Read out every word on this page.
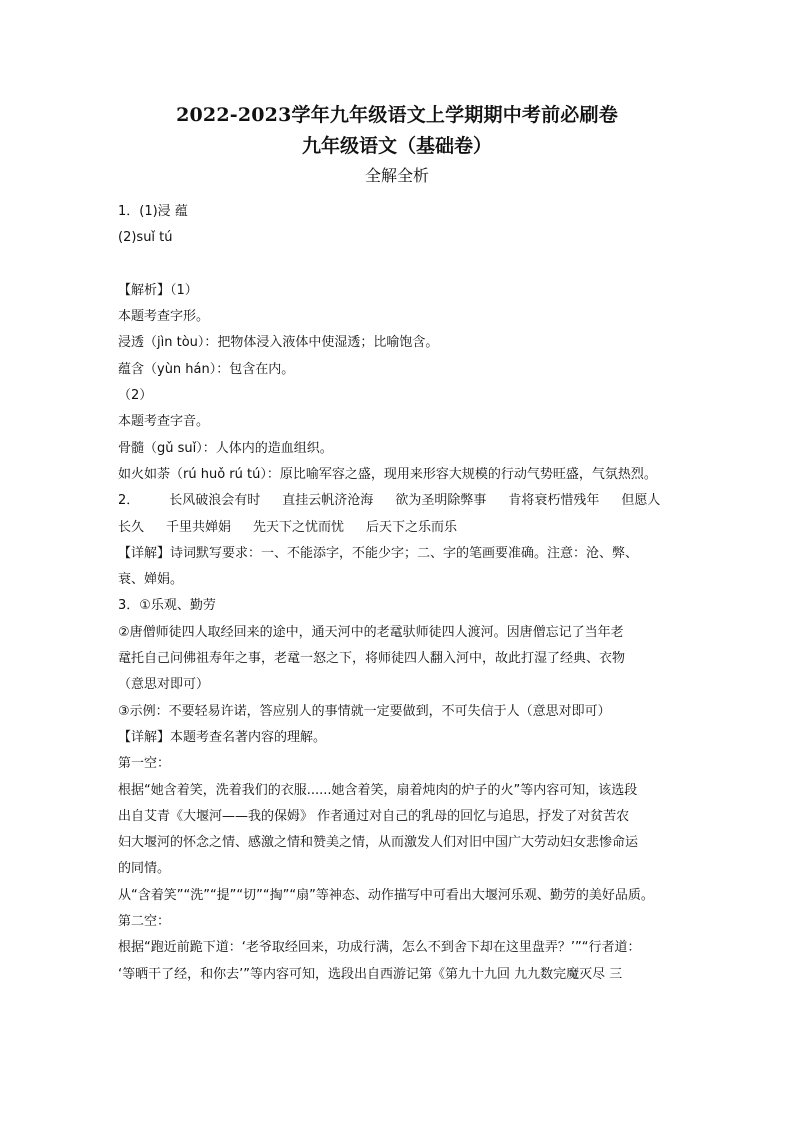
2022-2023学年九年级语文上学期期中考前必刷卷
九年级语文（基础卷）
全解全析
1．(1)浸 蕴
(2)suǐ tú
【解析】（1）
本题考查字形。
浸透（jìn tòu）：把物体浸入液体中使湿透；比喻饱含。
蕴含（yùn hán）：包含在内。
（2）
本题考查字音。
骨髓（gǔ suǐ）：人体内的造血组织。
如火如荼（rú huǒ rú tú）：原比喻军容之盛，现用来形容大规模的行动气势旺盛，气氛热烈。
2． 长风破浪会有时 直挂云帆济沧海 欲为圣明除弊事 肯将衰朽惜残年 但愿人
长久 千里共婵娟 先天下之忧而忧 后天下之乐而乐
【详解】诗词默写要求：一、不能添字，不能少字；二、字的笔画要准确。注意：沧、弊、
衰、婵娟。
3．①乐观、勤劳
②唐僧师徒四人取经回来的途中，通天河中的老鼋驮师徒四人渡河。因唐僧忘记了当年老
鼋托自己问佛祖寿年之事，老鼋一怒之下，将师徒四人翻入河中，故此打湿了经典、衣物
（意思对即可）
③示例：不要轻易许诺，答应别人的事情就一定要做到，不可失信于人（意思对即可）
【详解】本题考查名著内容的理解。
第一空：
根据“她含着笑，洗着我们的衣服......她含着笑，扇着炖肉的炉子的火”等内容可知，该选段
出自艾青《大堰河——我的保姆》 作者通过对自己的乳母的回忆与追思，抒发了对贫苦农
妇大堰河的怀念之情、感激之情和赞美之情，从而激发人们对旧中国广大劳动妇女悲惨命运
的同情。
从“含着笑”“洗”“提”“切”“掏”“扇”等神态、动作描写中可看出大堰河乐观、勤劳的美好品质。
第二空：
根据“跑近前跪下道：‘老爷取经回来，功成行满，怎么不到舍下却在这里盘弄？’”“行者道：
‘等晒干了经，和你去’”等内容可知，选段出自西游记第《第九十九回 九九数完魔灭尽 三
